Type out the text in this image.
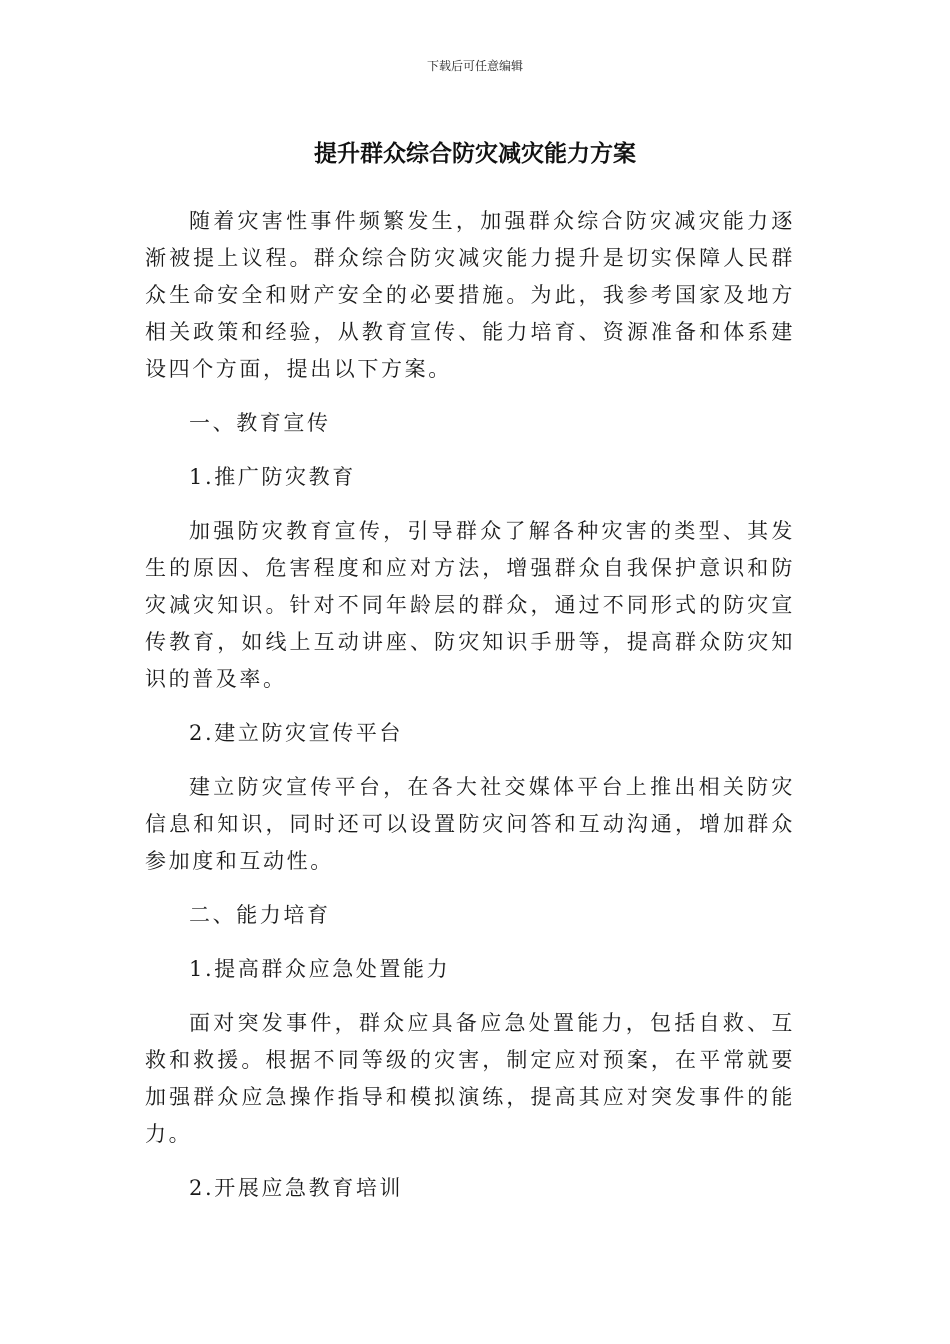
下载后可任意编辑
提升群众综合防灾减灾能力方案

随着灾害性事件频繁发生，加强群众综合防灾减灾能力逐渐被提上议程。群众综合防灾减灾能力提升是切实保障人民群众生命安全和财产安全的必要措施。为此，我参考国家及地方相关政策和经验，从教育宣传、能力培育、资源准备和体系建设四个方面，提出以下方案。

一、教育宣传

1.推广防灾教育

加强防灾教育宣传，引导群众了解各种灾害的类型、其发生的原因、危害程度和应对方法，增强群众自我保护意识和防灾减灾知识。针对不同年龄层的群众，通过不同形式的防灾宣传教育，如线上互动讲座、防灾知识手册等，提高群众防灾知识的普及率。

2.建立防灾宣传平台

建立防灾宣传平台，在各大社交媒体平台上推出相关防灾信息和知识，同时还可以设置防灾问答和互动沟通，增加群众参加度和互动性。

二、能力培育

1.提高群众应急处置能力

面对突发事件，群众应具备应急处置能力，包括自救、互救和救援。根据不同等级的灾害，制定应对预案，在平常就要加强群众应急操作指导和模拟演练，提高其应对突发事件的能力。

2.开展应急教育培训
